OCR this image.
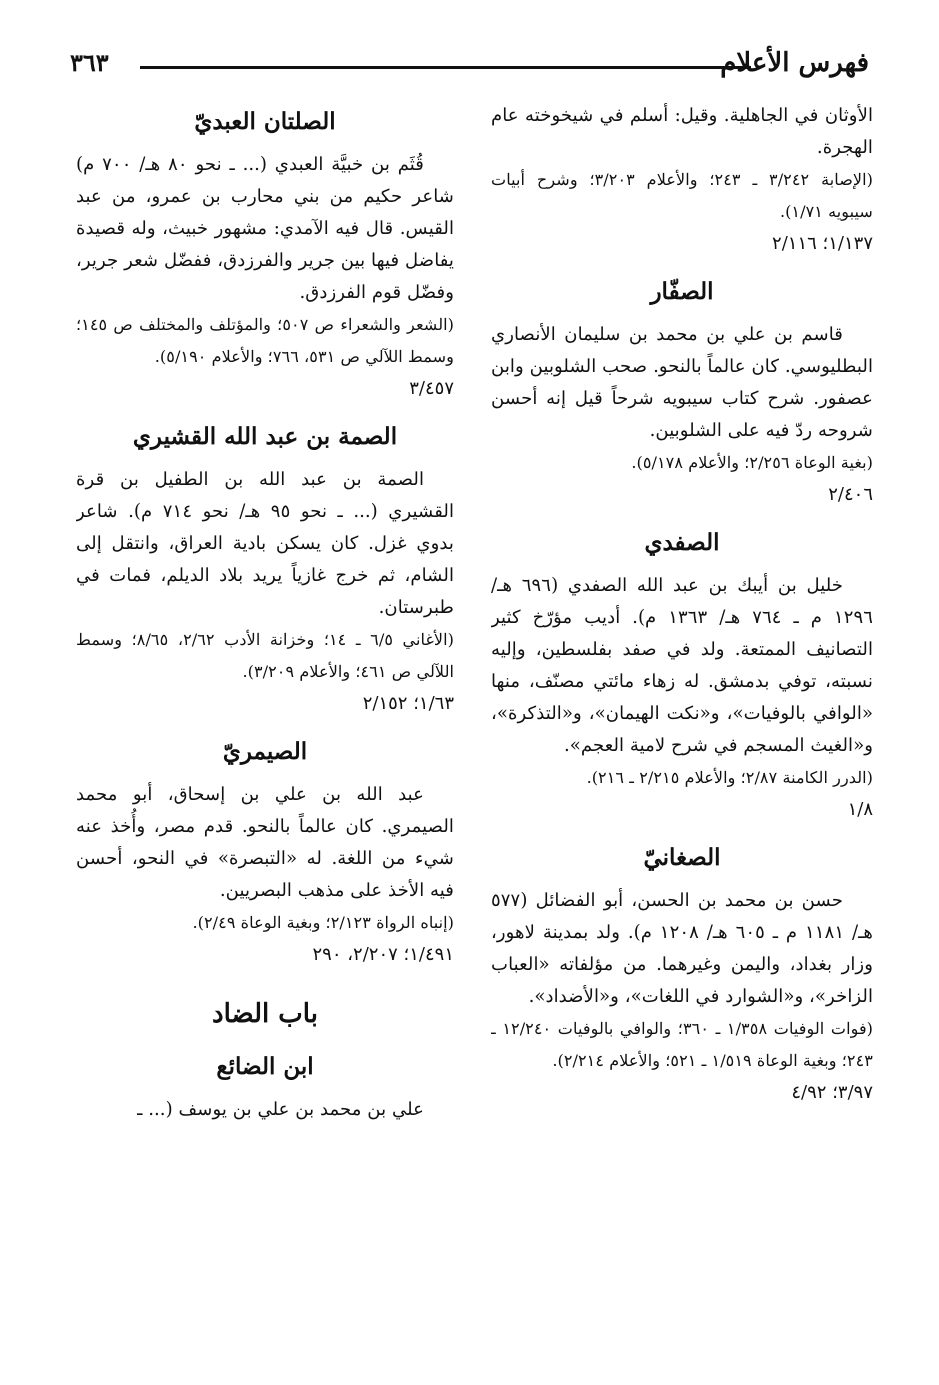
فهرس الأعلام
٣٦٣

الأوثان في الجاهلية. وقيل: أسلم في شيخوخته عام الهجرة.

(الإصابة ٣/٢٤٢ ـ ٢٤٣؛ والأعلام ٣/٢٠٣؛ وشرح أبيات سيبويه ١/٧١).

١/١٣٧؛ ٢/١١٦

الصفّار

قاسم بن علي بن محمد بن سليمان الأنصاري البطليوسي. كان عالماً بالنحو. صحب الشلوبين وابن عصفور. شرح كتاب سيبويه شرحاً قيل إنه أحسن شروحه ردّ فيه على الشلوبين.

(بغية الوعاة ٢/٢٥٦؛ والأعلام ٥/١٧٨).

٢/٤٠٦

الصفدي

خليل بن أيبك بن عبد الله الصفدي (٦٩٦ هـ/ ١٢٩٦ م ـ ٧٦٤ هـ/ ١٣٦٣ م). أديب مؤرّخ كثير التصانيف الممتعة. ولد في صفد بفلسطين، وإليه نسبته، توفي بدمشق. له زهاء مائتي مصنّف، منها «الوافي بالوفيات»، و«نكت الهيمان»، و«التذكرة»، و«الغيث المسجم في شرح لامية العجم».

(الدرر الكامنة ٢/٨٧؛ والأعلام ٢/٢١٥ ـ ٢١٦).

١/٨

الصغانيّ

حسن بن محمد بن الحسن، أبو الفضائل (٥٧٧ هـ/ ١١٨١ م ـ ٦٠٥ هـ/ ١٢٠٨ م). ولد بمدينة لاهور، وزار بغداد، واليمن وغيرهما. من مؤلفاته «العباب الزاخر»، و«الشوارد في اللغات»، و«الأضداد».

(فوات الوفيات ١/٣٥٨ ـ ٣٦٠؛ والوافي بالوفيات ١٢/٢٤٠ ـ ٢٤٣؛ وبغية الوعاة ١/٥١٩ ـ ٥٢١؛ والأعلام ٢/٢١٤).

٣/٩٧؛ ٤/٩٢

الصلتان العبديّ

قُثَم بن خبيَّة العبدي (... ـ نحو ٨٠ هـ/ ٧٠٠ م) شاعر حكيم من بني محارب بن عمرو، من عبد القيس. قال فيه الآمدي: مشهور خبيث، وله قصيدة يفاضل فيها بين جرير والفرزدق، ففضّل شعر جرير، وفضّل قوم الفرزدق.

(الشعر والشعراء ص ٥٠٧؛ والمؤتلف والمختلف ص ١٤٥؛ وسمط اللآلي ص ٥٣١، ٧٦٦؛ والأعلام ٥/١٩٠).

٣/٤٥٧

الصمة بن عبد الله القشيري

الصمة بن عبد الله بن الطفيل بن قرة القشيري (... ـ نحو ٩٥ هـ/ نحو ٧١٤ م). شاعر بدوي غزل. كان يسكن بادية العراق، وانتقل إلى الشام، ثم خرج غازياً يريد بلاد الديلم، فمات في طبرستان.

(الأغاني ٦/٥ ـ ١٤؛ وخزانة الأدب ٢/٦٢، ٨/٦٥؛ وسمط اللآلي ص ٤٦١؛ والأعلام ٣/٢٠٩).

١/٦٣؛ ٢/١٥٢

الصيمريّ

عبد الله بن علي بن إسحاق، أبو محمد الصيمري. كان عالماً بالنحو. قدم مصر، وأُخذ عنه شيء من اللغة. له «التبصرة» في النحو، أحسن فيه الأخذ على مذهب البصريين.

(إنباه الرواة ٢/١٢٣؛ وبغية الوعاة ٢/٤٩).

١/٤٩١؛ ٢/٢٠٧، ٢٩٠

باب الضاد
ابن الضائع

علي بن محمد بن علي بن يوسف (... ـ
